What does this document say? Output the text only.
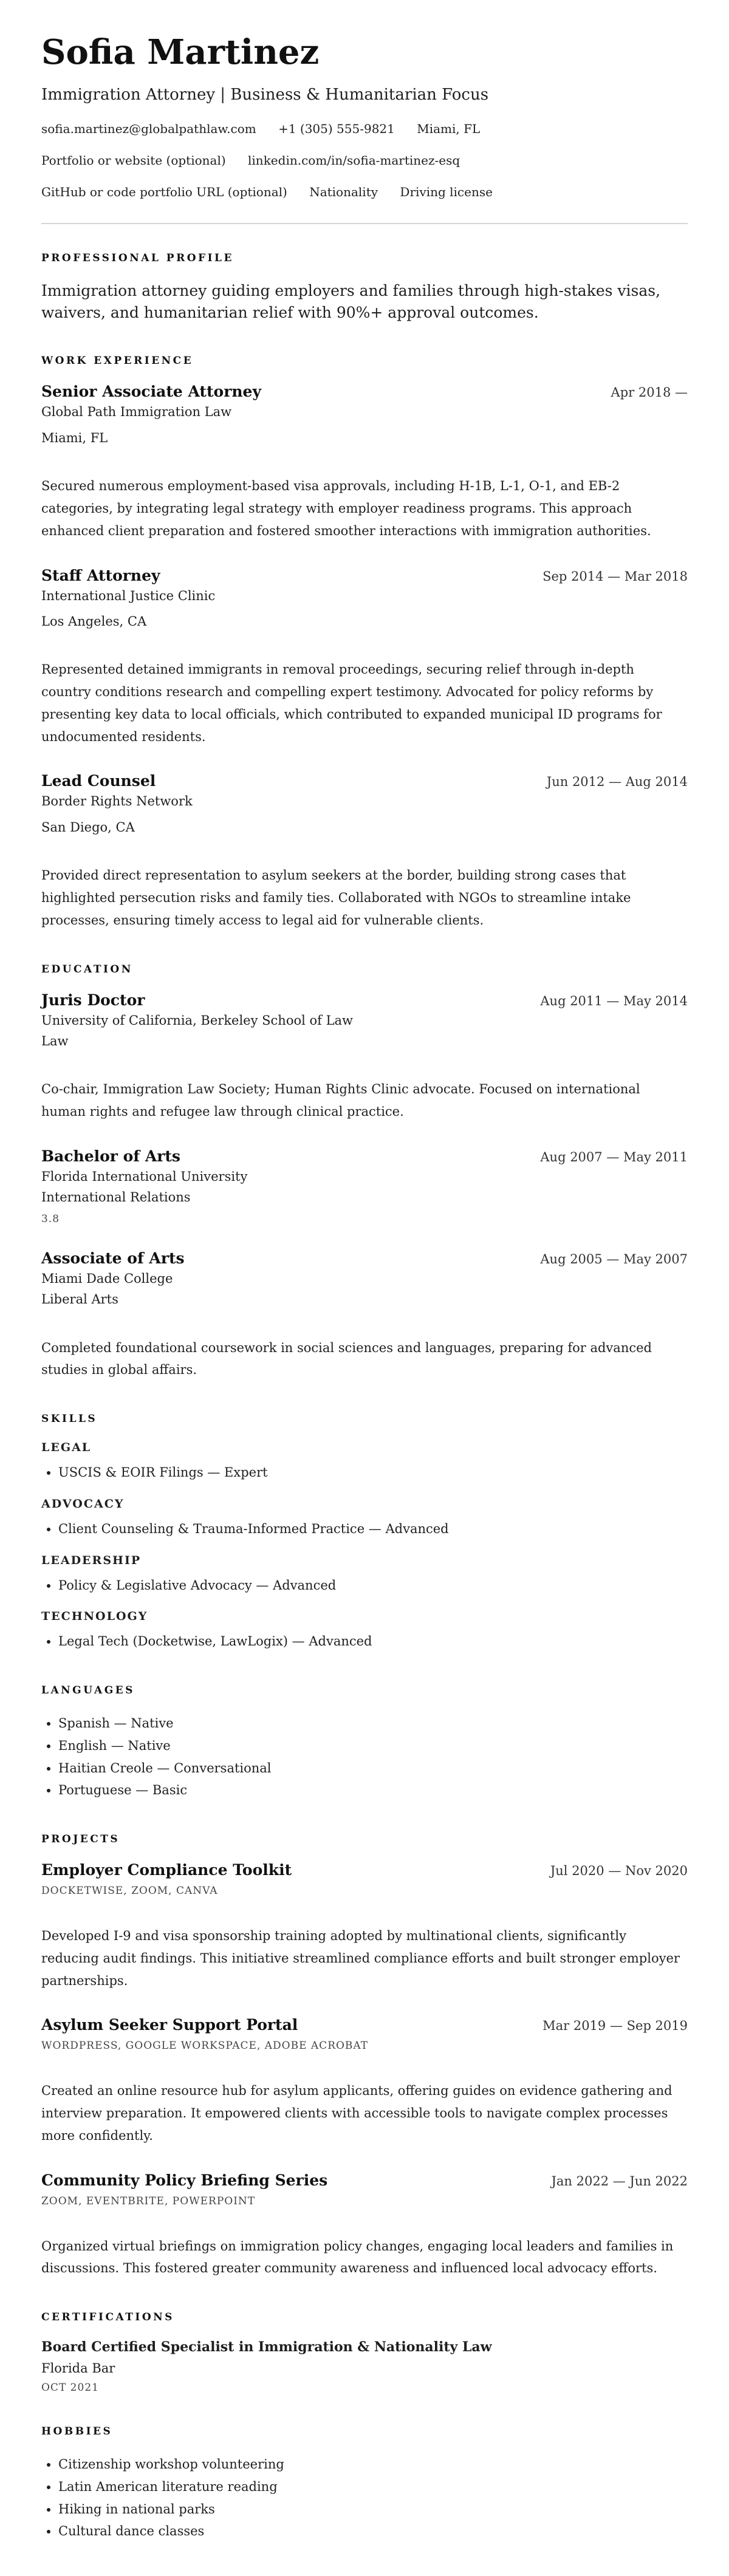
Sofia Martinez
Immigration Attorney | Business & Humanitarian Focus
sofia.martinez@globalpathlaw.com +1 (305) 555-9821 Miami, FL
Portfolio or website (optional) linkedin.com/in/sofia-martinez-esq
GitHub or code portfolio URL (optional) Nationality Driving license
PROFESSIONAL PROFILE

Immigration attorney guiding employers and families through high-stakes visas, waivers, and humanitarian relief with 90%+ approval outcomes.

WORK EXPERIENCE
Senior Associate Attorney	Apr 2018 —
Global Path Immigration Law
Miami, FL
Secured numerous employment-based visa approvals, including H-1B, L-1, O-1, and EB-2 categories, by integrating legal strategy with employer readiness programs. This approach enhanced client preparation and fostered smoother interactions with immigration authorities.
Staff Attorney	Sep 2014 — Mar 2018
International Justice Clinic
Los Angeles, CA
Represented detained immigrants in removal proceedings, securing relief through in-depth country conditions research and compelling expert testimony. Advocated for policy reforms by presenting key data to local officials, which contributed to expanded municipal ID programs for undocumented residents.
Lead Counsel	Jun 2012 — Aug 2014
Border Rights Network
San Diego, CA
Provided direct representation to asylum seekers at the border, building strong cases that highlighted persecution risks and family ties. Collaborated with NGOs to streamline intake processes, ensuring timely access to legal aid for vulnerable clients.
EDUCATION
Juris Doctor	Aug 2011 — May 2014
University of California, Berkeley School of Law
Law
Co-chair, Immigration Law Society; Human Rights Clinic advocate. Focused on international human rights and refugee law through clinical practice.
Bachelor of Arts	Aug 2007 — May 2011
Florida International University
International Relations
3.8
Associate of Arts	Aug 2005 — May 2007
Miami Dade College
Liberal Arts
Completed foundational coursework in social sciences and languages, preparing for advanced studies in global affairs.
SKILLS
LEGAL
• USCIS & EOIR Filings — Expert
ADVOCACY
• Client Counseling & Trauma-Informed Practice — Advanced
LEADERSHIP
• Policy & Legislative Advocacy — Advanced
TECHNOLOGY
• Legal Tech (Docketwise, LawLogix) — Advanced
LANGUAGES
• Spanish — Native
• English — Native
• Haitian Creole — Conversational
• Portuguese — Basic
PROJECTS
Employer Compliance Toolkit	Jul 2020 — Nov 2020
DOCKETWISE, ZOOM, CANVA
Developed I-9 and visa sponsorship training adopted by multinational clients, significantly reducing audit findings. This initiative streamlined compliance efforts and built stronger employer partnerships.
Asylum Seeker Support Portal	Mar 2019 — Sep 2019
WORDPRESS, GOOGLE WORKSPACE, ADOBE ACROBAT
Created an online resource hub for asylum applicants, offering guides on evidence gathering and interview preparation. It empowered clients with accessible tools to navigate complex processes more confidently.
Community Policy Briefing Series	Jan 2022 — Jun 2022
ZOOM, EVENTBRITE, POWERPOINT
Organized virtual briefings on immigration policy changes, engaging local leaders and families in discussions. This fostered greater community awareness and influenced local advocacy efforts.
CERTIFICATIONS
Board Certified Specialist in Immigration & Nationality Law
Florida Bar
OCT 2021
HOBBIES
• Citizenship workshop volunteering
• Latin American literature reading
• Hiking in national parks
• Cultural dance classes
